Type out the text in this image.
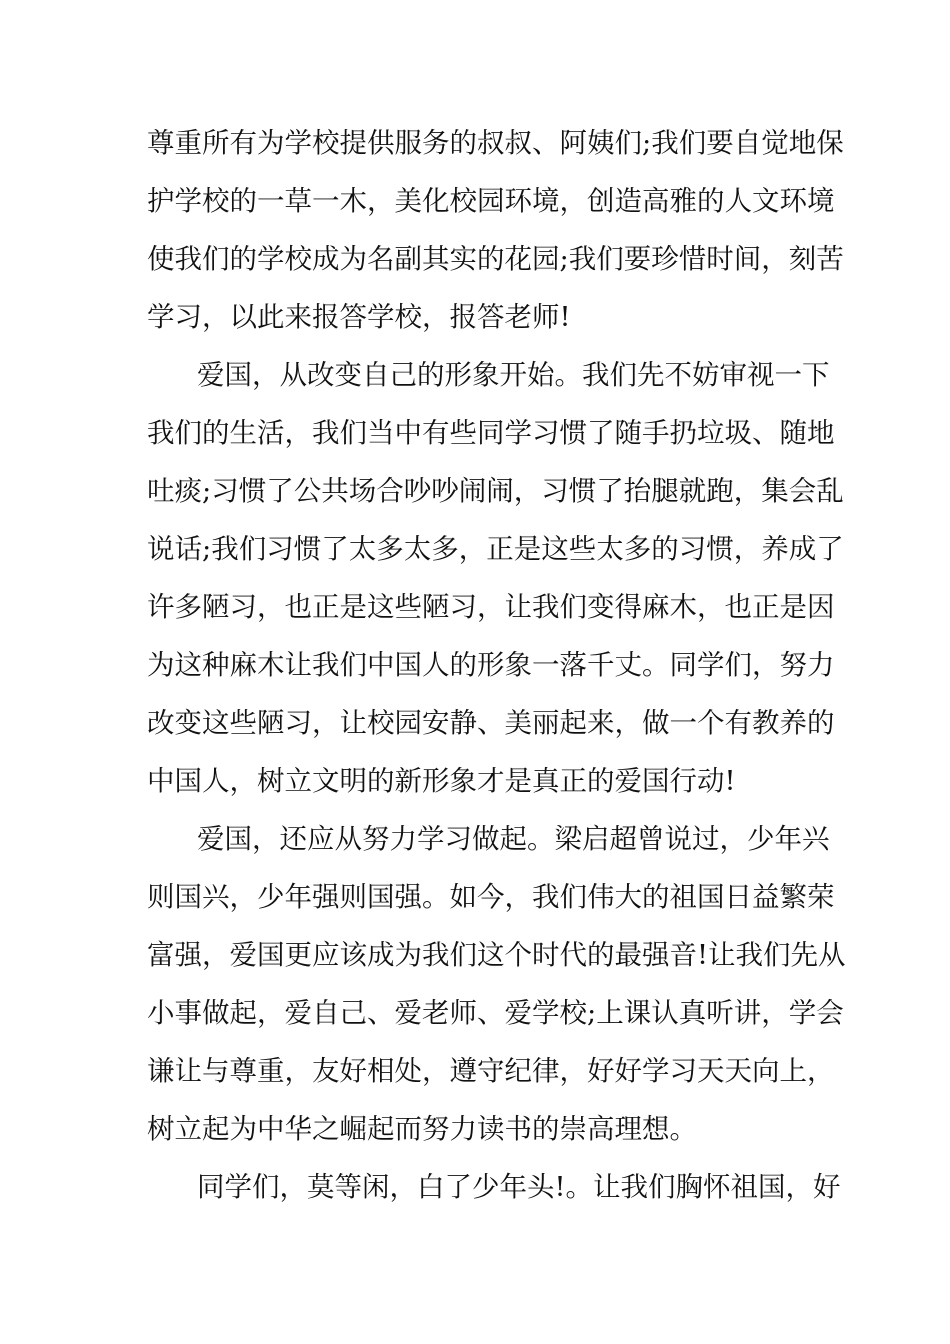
尊重所有为学校提供服务的叔叔、阿姨们;我们要自觉地保
护学校的一草一木，美化校园环境，创造高雅的人文环境
使我们的学校成为名副其实的花园;我们要珍惜时间，刻苦
学习，以此来报答学校，报答老师!
爱国，从改变自己的形象开始。我们先不妨审视一下
我们的生活，我们当中有些同学习惯了随手扔垃圾、随地
吐痰;习惯了公共场合吵吵闹闹，习惯了抬腿就跑，集会乱
说话;我们习惯了太多太多，正是这些太多的习惯，养成了
许多陋习，也正是这些陋习，让我们变得麻木，也正是因
为这种麻木让我们中国人的形象一落千丈。同学们，努力
改变这些陋习，让校园安静、美丽起来，做一个有教养的
中国人，树立文明的新形象才是真正的爱国行动!
爱国，还应从努力学习做起。梁启超曾说过，少年兴
则国兴，少年强则国强。如今，我们伟大的祖国日益繁荣
富强，爱国更应该成为我们这个时代的最强音!让我们先从
小事做起，爱自己、爱老师、爱学校;上课认真听讲，学会
谦让与尊重，友好相处，遵守纪律，好好学习天天向上，
树立起为中华之崛起而努力读书的崇高理想。
同学们，莫等闲，白了少年头!。让我们胸怀祖国，好
